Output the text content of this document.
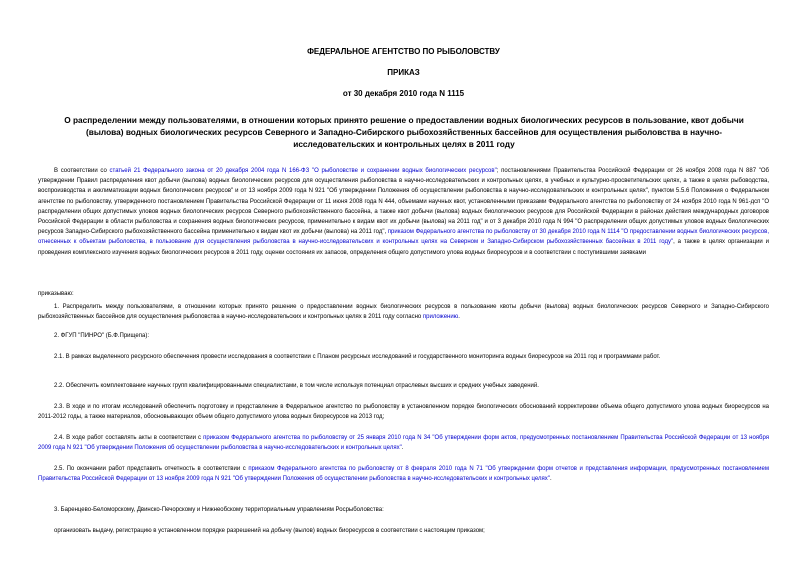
ФЕДЕРАЛЬНОЕ АГЕНТСТВО ПО РЫБОЛОВСТВУ
ПРИКАЗ
от 30 декабря 2010 года N 1115
О распределении между пользователями, в отношении которых принято решение о предоставлении водных биологических ресурсов в пользование, квот добычи (вылова) водных биологических ресурсов Северного и Западно-Сибирского рыбохозяйственных бассейнов для осуществления рыболовства в научно-исследовательских и контрольных целях в 2011 году
В соответствии со статьей 21 Федерального закона от 20 декабря 2004 года N 166-ФЗ "О рыболовстве и сохранении водных биологических ресурсов"; постановлениями Правительства Российской Федерации от 26 ноября 2008 года N 887 "Об утверждении Правил распределения квот добычи (вылова) водных биологических ресурсов для осуществления рыболовства в научно-исследовательских и контрольных целях, в учебных и культурно-просветительских целях, а также в целях рыбоводства, воспроизводства и акклиматизации водных биологических ресурсов" и от 13 ноября 2009 года N 921 "Об утверждении Положения об осуществлении рыболовства в научно-исследовательских и контрольных целях", пунктом 5.5.6 Положения о Федеральном агентстве по рыболовству, утвержденного постановлением Правительства Российской Федерации от 11 июня 2008 года N 444, объемами научных квот, установленными приказами Федерального агентства по рыболовству от 24 ноября 2010 года N 961-дсп "О распределении общих допустимых уловов водных биологических ресурсов Северного рыбохозяйственного бассейна, а также квот добычи (вылова) водных биологических ресурсов для Российской Федерации в районах действия международных договоров Российской Федерации в области рыболовства и сохранения водных биологических ресурсов, применительно к видам квот их добычи (вылова) на 2011 год" и от 3 декабря 2010 года N 994 "О распределении общих допустимых уловов водных биологических ресурсов Западно-Сибирского рыбохозяйственного бассейна применительно к видам квот их добычи (вылова) на 2011 год", приказом Федерального агентства по рыболовству от 30 декабря 2010 года N 1114 "О предоставлении водных биологических ресурсов, отнесенных к объектам рыболовства, в пользование для осуществления рыболовства в научно-исследовательских и контрольных целях на Северном и Западно-Сибирском рыбохозяйственных бассейнах в 2011 году", а также в целях организации и проведения комплексного изучения водных биологических ресурсов в 2011 году, оценки состояния их запасов, определения общего допустимого улова водных биоресурсов и в соответствии с поступившими заявками
приказываю:
1. Распределить между пользователями, в отношении которых принято решение о предоставлении водных биологических ресурсов в пользование квоты добычи (вылова) водных биологических ресурсов Северного и Западно-Сибирского рыбохозяйственных бассейнов для осуществления рыболовства в научно-исследовательских и контрольных целях в 2011 году согласно приложению.
2. ФГУП "ПИНРО" (Б.Ф.Прищепа):
2.1. В рамках выделенного ресурсного обеспечения провести исследования в соответствии с Планом ресурсных исследований и государственного мониторинга водных биоресурсов на 2011 год и программами работ.
2.2. Обеспечить комплектование научных групп квалифицированными специалистами, в том числе используя потенциал отраслевых высших и средних учебных заведений.
2.3. В ходе и по итогам исследований обеспечить подготовку и представление в Федеральное агентство по рыболовству в установленном порядке биологических обоснований корректировки объема общего допустимого улова водных биоресурсов на 2011-2012 годы, а также материалов, обосновывающих объем общего допустимого улова водных биоресурсов на 2013 год;
2.4. В ходе работ составлять акты в соответствии с приказом Федерального агентства по рыболовству от 25 января 2010 года N 34 "Об утверждении форм актов, предусмотренных постановлением Правительства Российской Федерации от 13 ноября 2009 года N 921 "Об утверждении Положения об осуществлении рыболовства в научно-исследовательских и контрольных целях".
2.5. По окончании работ представить отчетность в соответствии с приказом Федерального агентства по рыболовству от 8 февраля 2010 года N 71 "Об утверждении форм отчетов и представления информации, предусмотренных постановлением Правительства Российской Федерации от 13 ноября 2009 года N 921 "Об утверждении Положения об осуществлении рыболовства в научно-исследовательских и контрольных целях".
3. Баренцево-Беломорскому, Двинско-Печорскому и Нижнеобскому территориальным управлениям Росрыболовства:
организовать выдачу, регистрацию в установленном порядке разрешений на добычу (вылов) водных биоресурсов в соответствии с настоящим приказом;
